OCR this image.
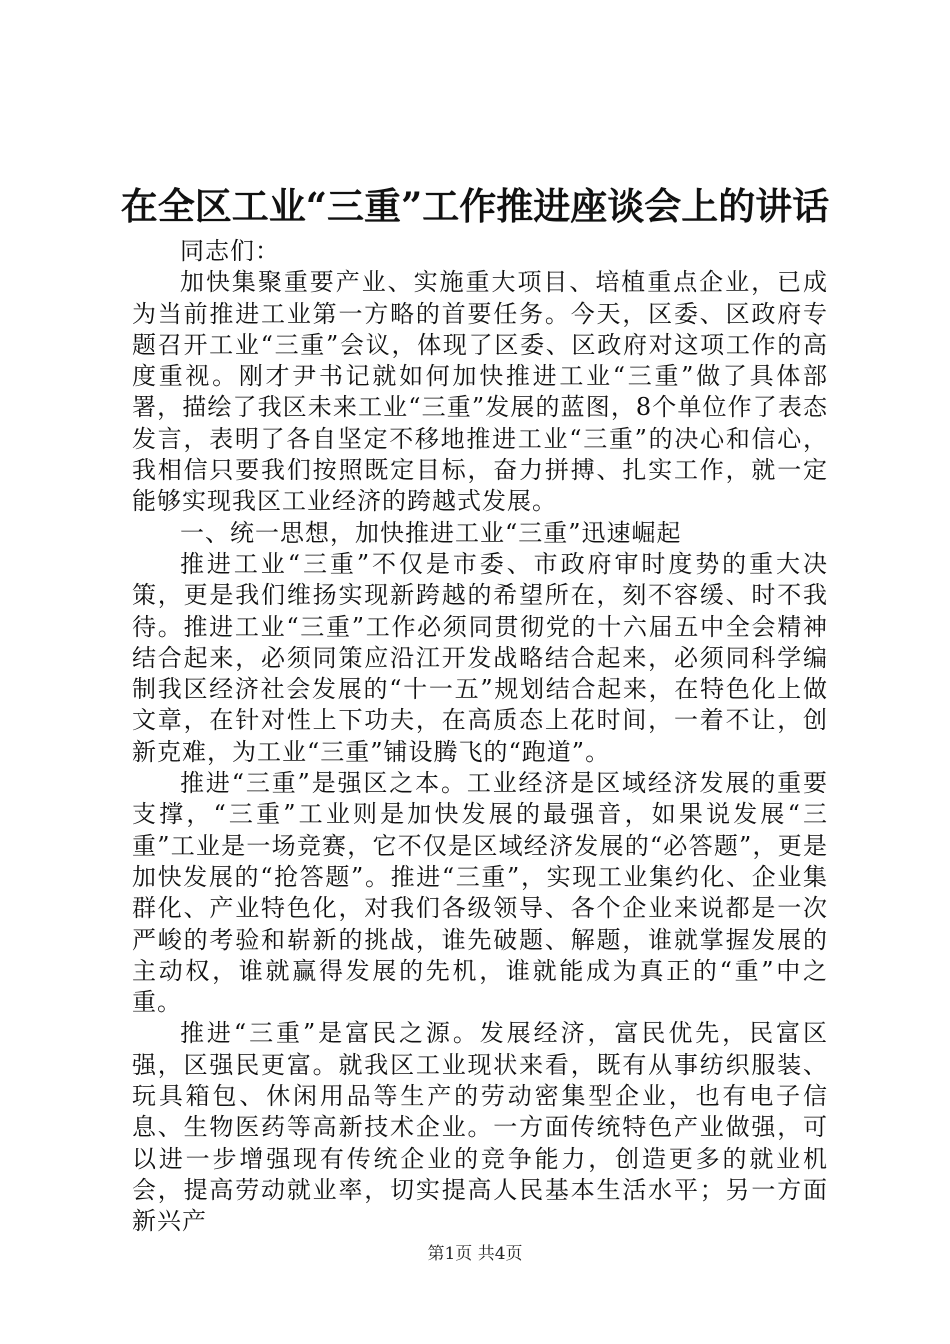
在全区工业“三重”工作推进座谈会上的讲话

同志们：

加快集聚重要产业、实施重大项目、培植重点企业，已成为当前推进工业第一方略的首要任务。今天，区委、区政府专题召开工业“三重”会议，体现了区委、区政府对这项工作的高度重视。刚才尹书记就如何加快推进工业“三重”做了具体部署，描绘了我区未来工业“三重”发展的蓝图，8个单位作了表态发言，表明了各自坚定不移地推进工业“三重”的决心和信心，我相信只要我们按照既定目标，奋力拼搏、扎实工作，就一定能够实现我区工业经济的跨越式发展。

一、统一思想，加快推进工业“三重”迅速崛起

推进工业“三重”不仅是市委、市政府审时度势的重大决策，更是我们维扬实现新跨越的希望所在，刻不容缓、时不我待。推进工业“三重”工作必须同贯彻党的十六届五中全会精神结合起来，必须同策应沿江开发战略结合起来，必须同科学编制我区经济社会发展的“十一五”规划结合起来，在特色化上做文章，在针对性上下功夫，在高质态上花时间，一着不让，创新克难，为工业“三重”铺设腾飞的“跑道”。

推进“三重”是强区之本。工业经济是区域经济发展的重要支撑，“三重”工业则是加快发展的最强音，如果说发展“三重”工业是一场竞赛，它不仅是区域经济发展的“必答题”，更是加快发展的“抢答题”。推进“三重”，实现工业集约化、企业集群化、产业特色化，对我们各级领导、各个企业来说都是一次严峻的考验和崭新的挑战，谁先破题、解题，谁就掌握发展的主动权，谁就赢得发展的先机，谁就能成为真正的“重”中之重。

推进“三重”是富民之源。发展经济，富民优先，民富区强，区强民更富。就我区工业现状来看，既有从事纺织服装、玩具箱包、休闲用品等生产的劳动密集型企业，也有电子信息、生物医药等高新技术企业。一方面传统特色产业做强，可以进一步增强现有传统企业的竞争能力，创造更多的就业机会，提高劳动就业率，切实提高人民基本生活水平；另一方面新兴产

第1页 共4页
